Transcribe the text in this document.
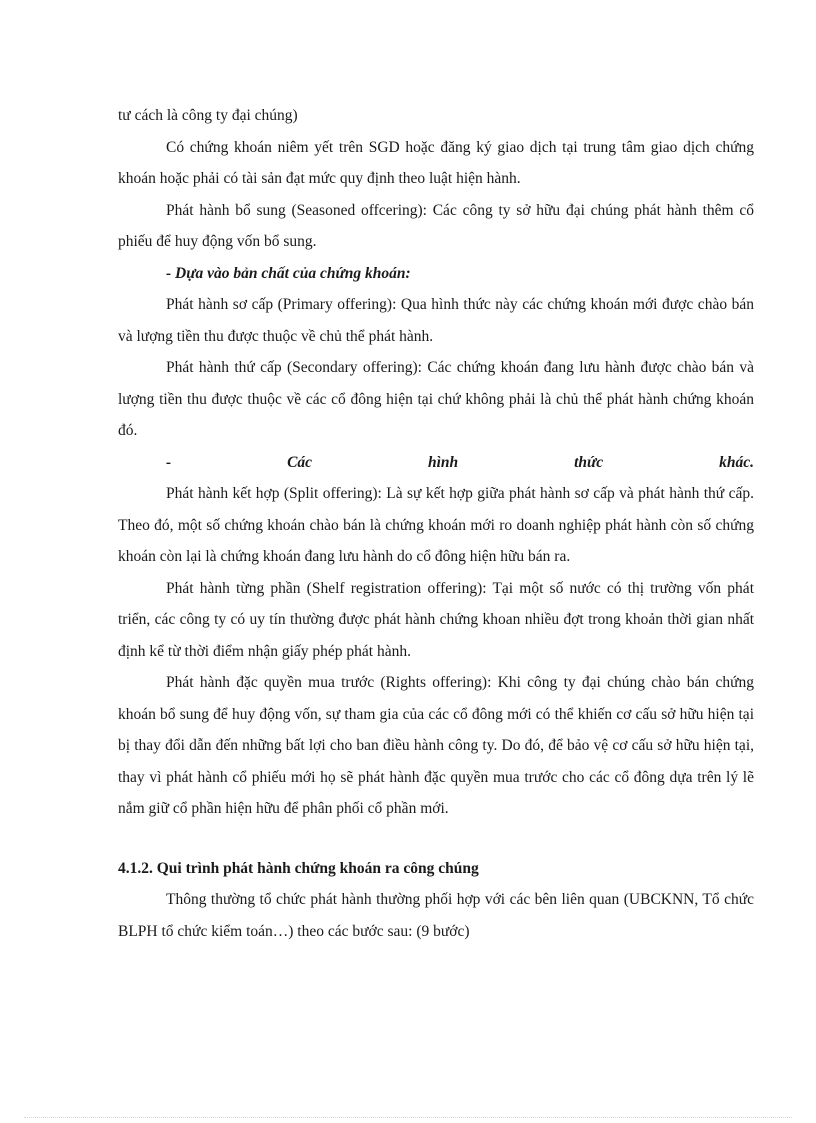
tư cách là công ty đại chúng)

Có chứng khoán niêm yết trên SGD hoặc đăng ký giao dịch tại trung tâm giao dịch chứng khoán hoặc phải có tài sản đạt mức quy định theo luật hiện hành.

Phát hành bổ sung (Seasoned offcering): Các công ty sở hữu đại chúng phát hành thêm cổ phiếu để huy động vốn bổ sung.

- Dựa vào bản chất của chứng khoán:

Phát hành sơ cấp (Primary offering): Qua hình thức này các chứng khoán mới được chào bán và lượng tiền thu được thuộc về chủ thể phát hành.

Phát hành thứ cấp (Secondary offering): Các chứng khoán đang lưu hành được chào bán và lượng tiền thu được thuộc về các cổ đông hiện tại chứ không phải là chủ thể phát hành chứng khoán đó.

-	Các	hình	thức	khác.

Phát hành kết hợp (Split offering): Là sự kết hợp giữa phát hành sơ cấp và phát hành thứ cấp. Theo đó, một số chứng khoán chào bán là chứng khoán mới ro doanh nghiệp phát hành còn số chứng khoán còn lại là chứng khoán đang lưu hành do cổ đông hiện hữu bán ra.

Phát hành từng phần (Shelf registration offering): Tại một số nước có thị trường vốn phát triển, các công ty có uy tín thường được phát hành chứng khoan nhiều đợt trong khoản thời gian nhất định kể từ thời điểm nhận giấy phép phát hành.

Phát hành đặc quyền mua trước (Rights offering): Khi công ty đại chúng chào bán chứng khoán bổ sung để huy động vốn, sự tham gia của các cổ đông mới có thể khiến cơ cấu sở hữu hiện tại bị thay đổi dẫn đến những bất lợi cho ban điều hành công ty. Do đó, để bảo vệ cơ cấu sở hữu hiện tại, thay vì phát hành cổ phiếu mới họ sẽ phát hành đặc quyền mua trước cho các cổ đông dựa trên lý lẽ nắm giữ cổ phần hiện hữu để phân phối cổ phần mới.

4.1.2. Qui trình phát hành chứng khoán ra công chúng

Thông thường tổ chức phát hành thường phối hợp với các bên liên quan (UBCKNN, Tổ chức BLPH tổ chức kiểm toán…) theo các bước sau: (9 bước)
